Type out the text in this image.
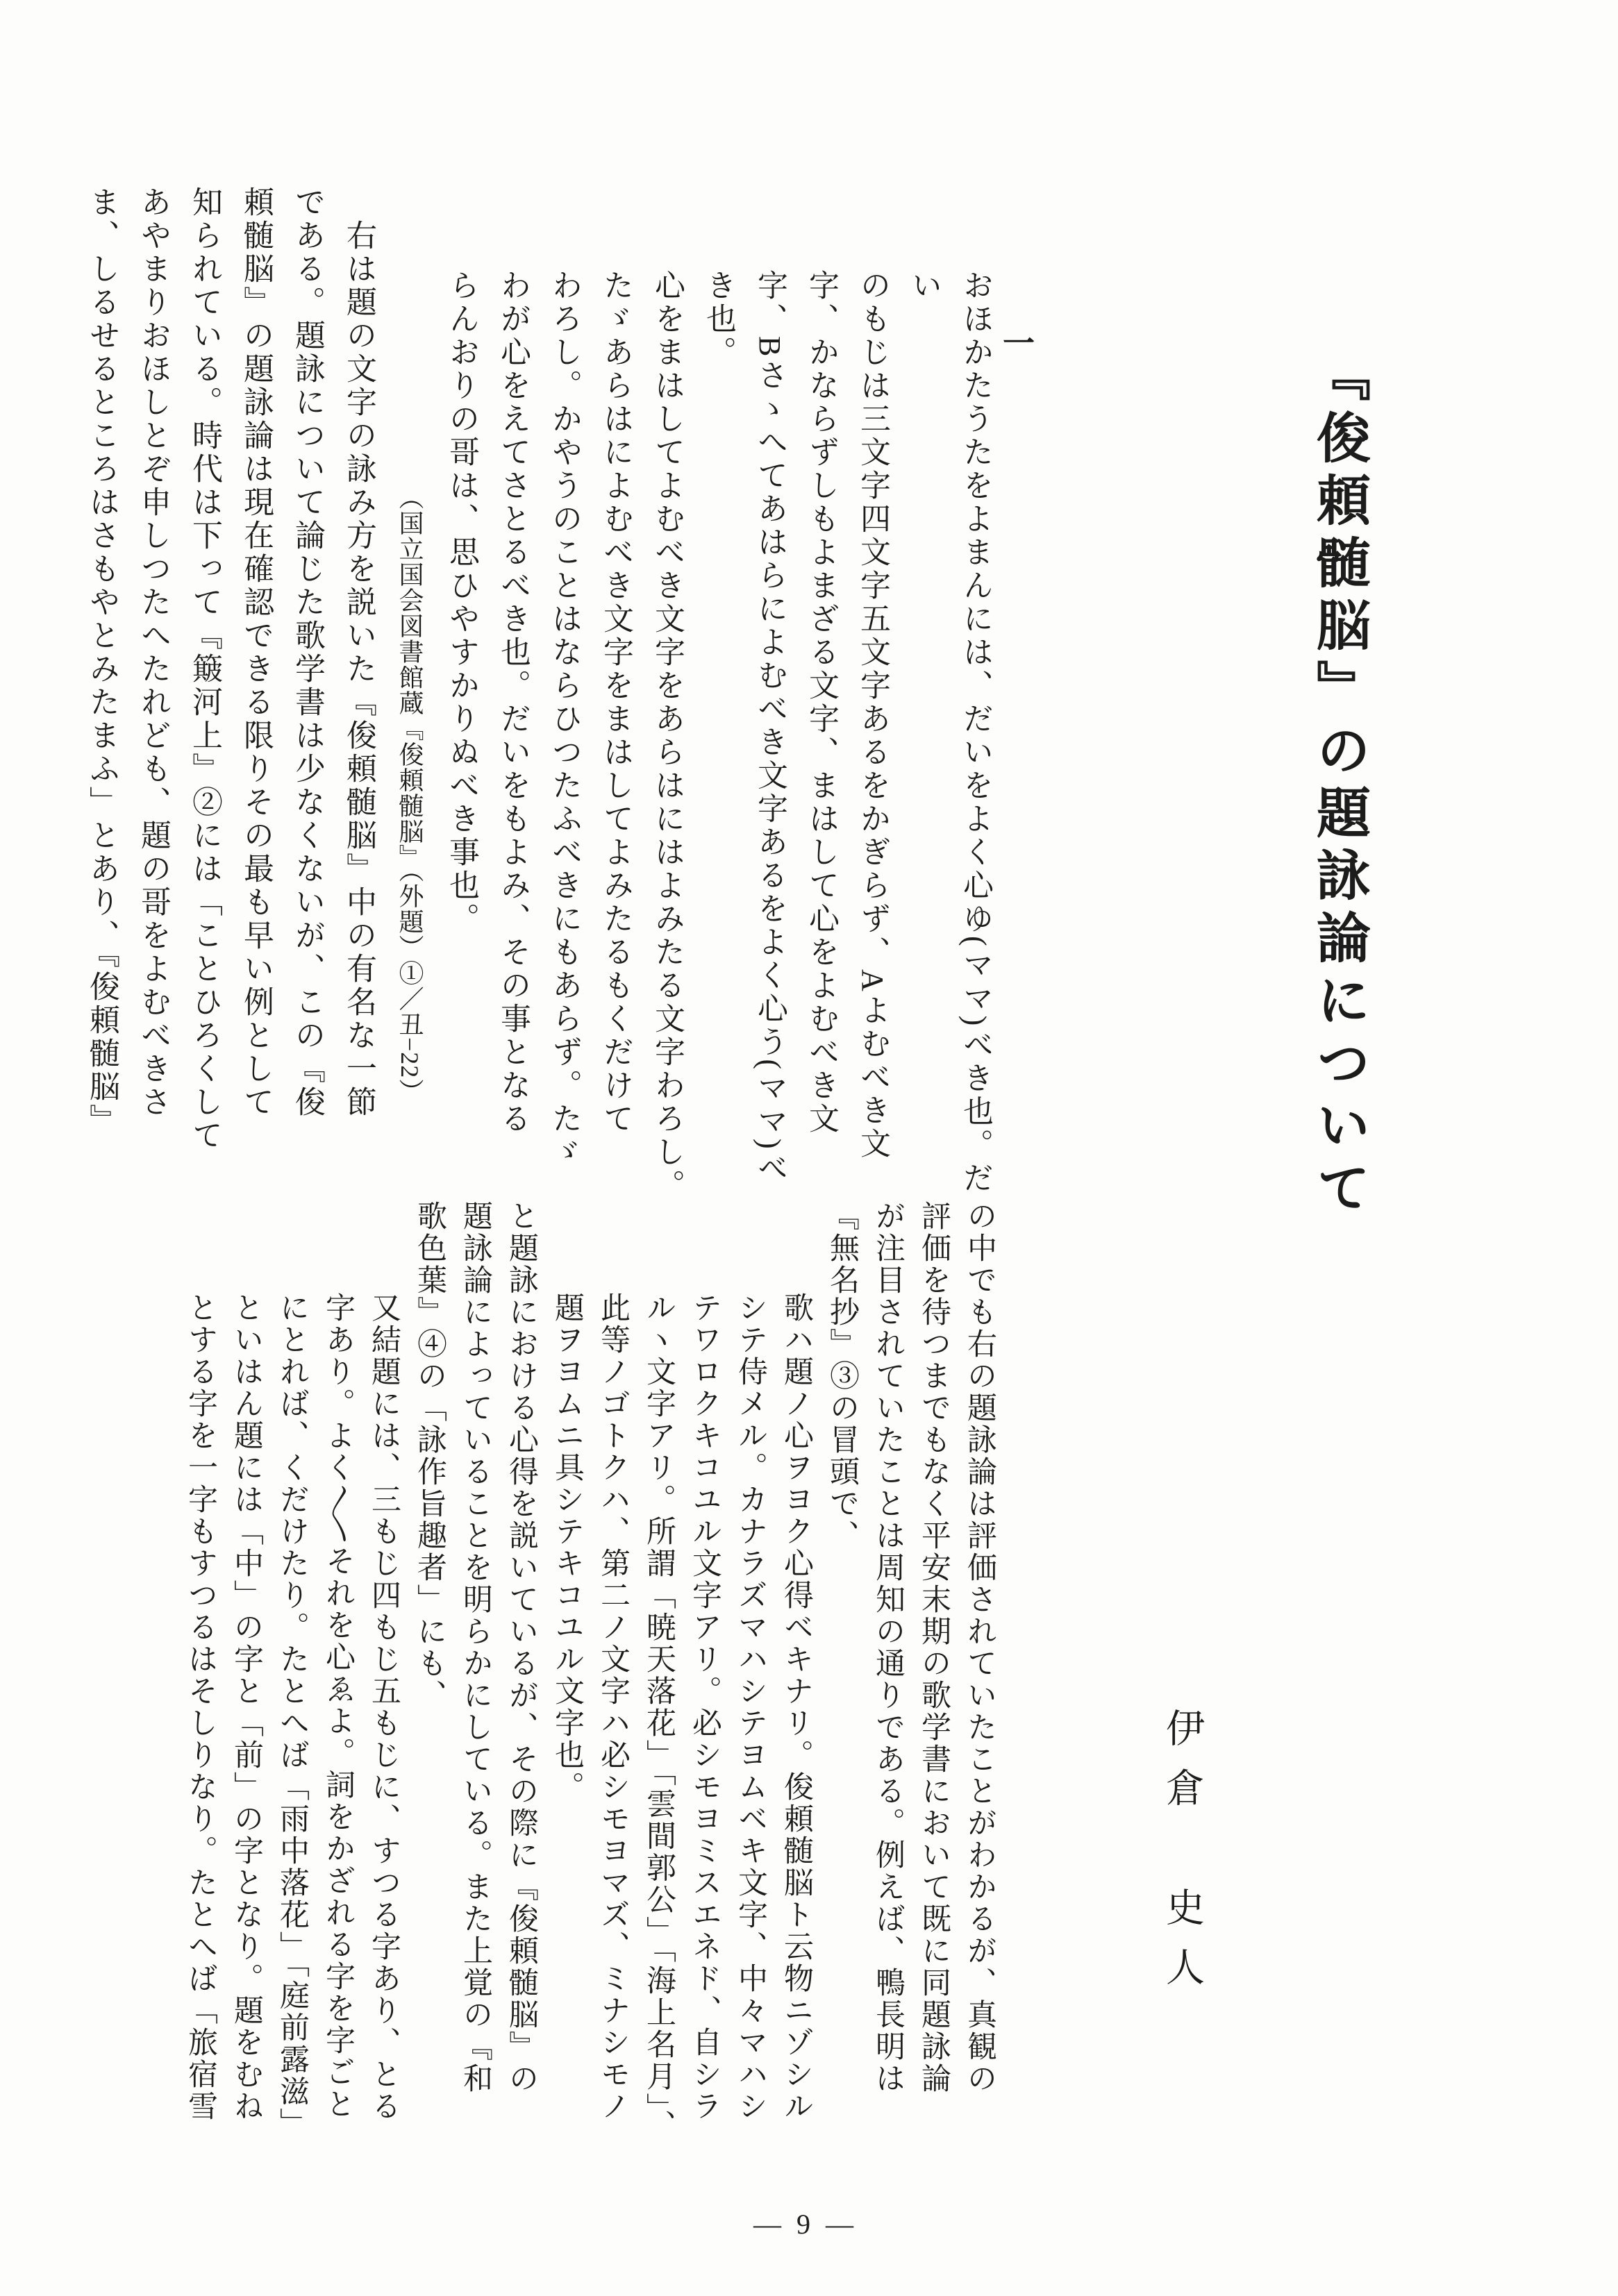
『俊頼髄脳』の題詠論について
伊倉　史人
一

おほかたうたをよまんには、だいをよく心ゆ(ママ)べき也。だい

のもじは三文字四文字五文字あるをかぎらず、Aよむべき文

字、かならずしもよまざる文字、まはして心をよむべき文

字、Bさゝへてあはらによむべき文字あるをよく心う(ママ)べき也。

心をまはしてよむべき文字をあらはにはよみたる文字わろし。

たゞあらはによむべき文字をまはしてよみたるもくだけて

わろし。かやうのことはならひつたふべきにもあらず。たゞ

わが心をえてさとるべき也。だいをもよみ、その事となる

らんおりの哥は、思ひやすかりぬべき事也。

（国立国会図書館蔵『俊頼髄脳』（外題）①／丑−22）

　右は題の文字の詠み方を説いた『俊頼髄脳』中の有名な一節

である。題詠について論じた歌学書は少なくないが、この『俊

頼髄脳』の題詠論は現在確認できる限りその最も早い例として

知られている。時代は下って『簸河上』②には「ことひろくして

あやまりおほしとぞ申しつたへたれども、題の哥をよむべきさ

ま、しるせるところはさもやとみたまふ」とあり、『俊頼髄脳』

の中でも右の題詠論は評価されていたことがわかるが、真観の

評価を待つまでもなく平安末期の歌学書において既に同題詠論

が注目されていたことは周知の通りである。例えば、鴨長明は

『無名抄』③の冒頭で、

歌ハ題ノ心ヲヨク心得ベキナリ。俊頼髄脳ト云物ニゾシル

シテ侍メル。カナラズマハシテヨムベキ文字、中々マハシ

テワロクキコユル文字アリ。必シモヨミスエネド、自シラ

ルヽ文字アリ。所謂「暁天落花」「雲間郭公」「海上名月」、

此等ノゴトクハ、第二ノ文字ハ必シモヨマズ、ミナシモノ

題ヲヨムニ具シテキコユル文字也。

と題詠における心得を説いているが、その際に『俊頼髄脳』の

題詠論によっていることを明らかにしている。また上覚の『和

歌色葉』④の「詠作旨趣者」にも、

又結題には、三もじ四もじ五もじに、すつる字あり、とる

字あり。よく〳〵それを心ゑよ。詞をかざれる字を字ごと

にとれば、くだけたり。たとへば「雨中落花」「庭前露滋」

といはん題には「中」の字と「前」の字となり。題をむね

とする字を一字もすつるはそしりなり。たとへば「旅宿雪

— 9 —
